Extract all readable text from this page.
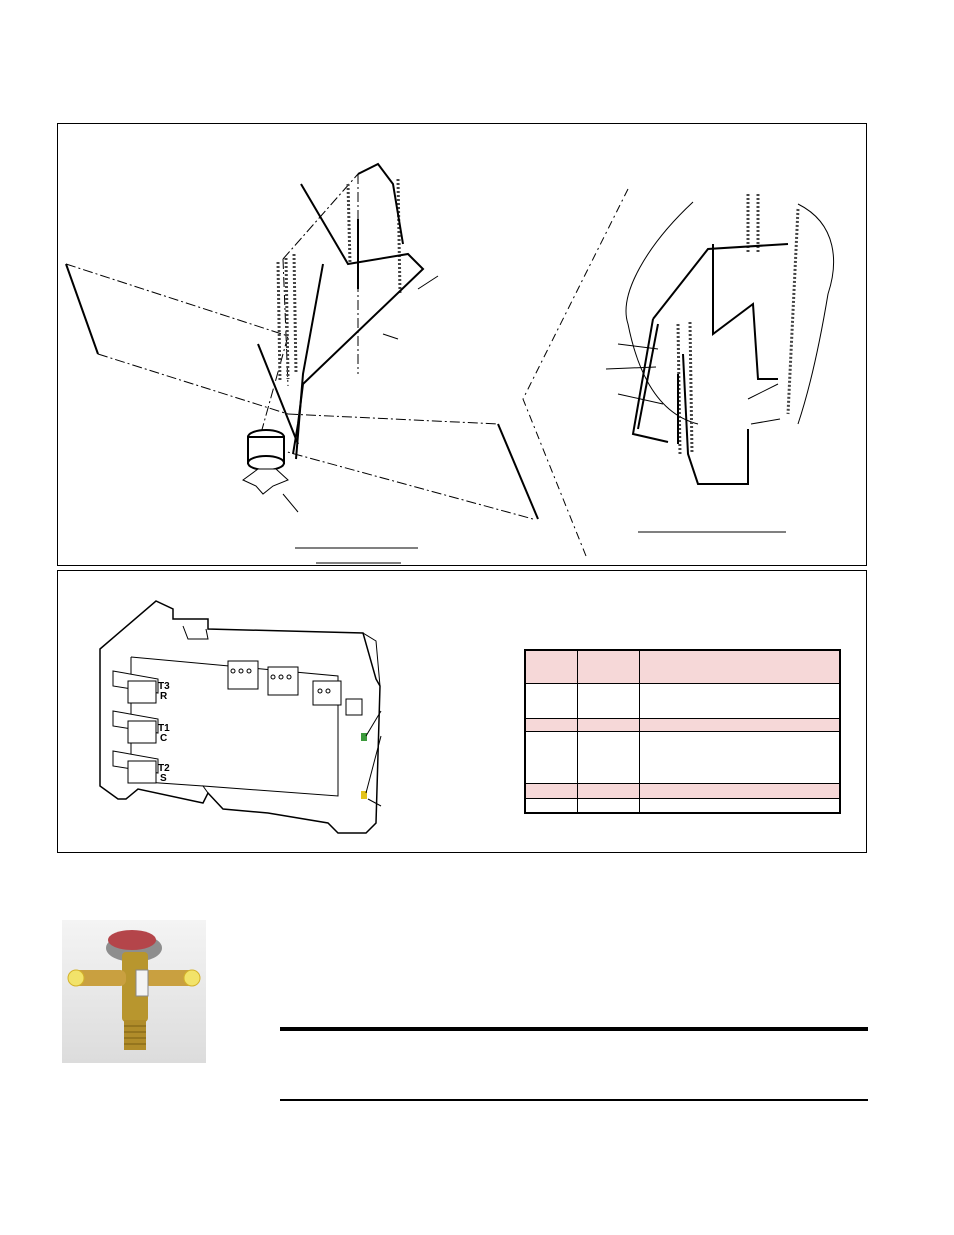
T3
R
T1
C
T2
S
